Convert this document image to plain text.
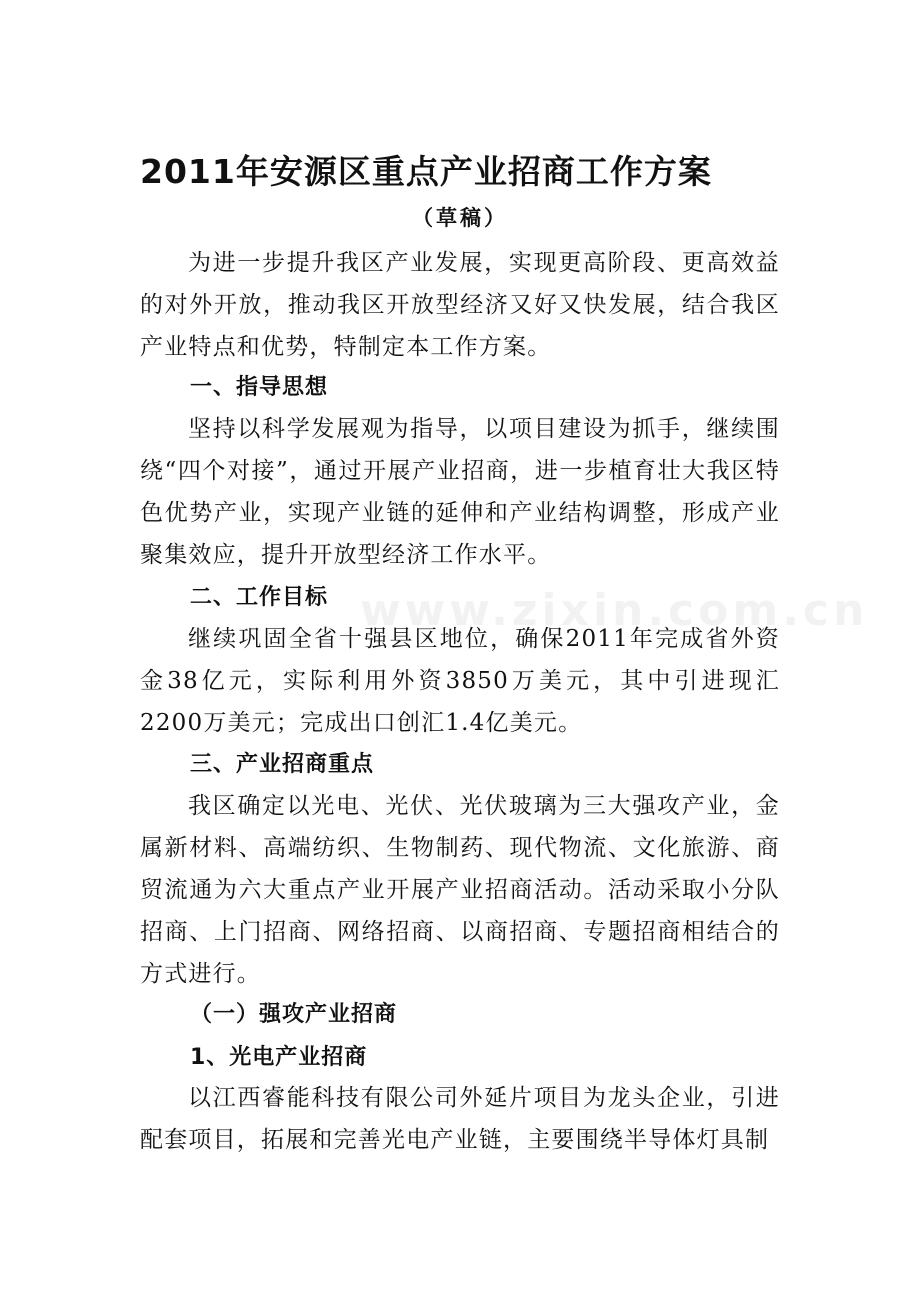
www.zixin.com.cn
2011年安源区重点产业招商工作方案
（草稿）

为进一步提升我区产业发展，实现更高阶段、更高效益的对外开放，推动我区开放型经济又好又快发展，结合我区产业特点和优势，特制定本工作方案。

一、指导思想

坚持以科学发展观为指导，以项目建设为抓手，继续围绕“四个对接”，通过开展产业招商，进一步植育壮大我区特色优势产业，实现产业链的延伸和产业结构调整，形成产业聚集效应，提升开放型经济工作水平。

二、工作目标

继续巩固全省十强县区地位，确保2011年完成省外资金38亿元，实际利用外资3850万美元，其中引进现汇2200万美元；完成出口创汇1.4亿美元。

三、产业招商重点

我区确定以光电、光伏、光伏玻璃为三大强攻产业，金属新材料、高端纺织、生物制药、现代物流、文化旅游、商贸流通为六大重点产业开展产业招商活动。活动采取小分队招商、上门招商、网络招商、以商招商、专题招商相结合的方式进行。

（一）强攻产业招商
1、光电产业招商

以江西睿能科技有限公司外延片项目为龙头企业，引进配套项目，拓展和完善光电产业链，主要围绕半导体灯具制
